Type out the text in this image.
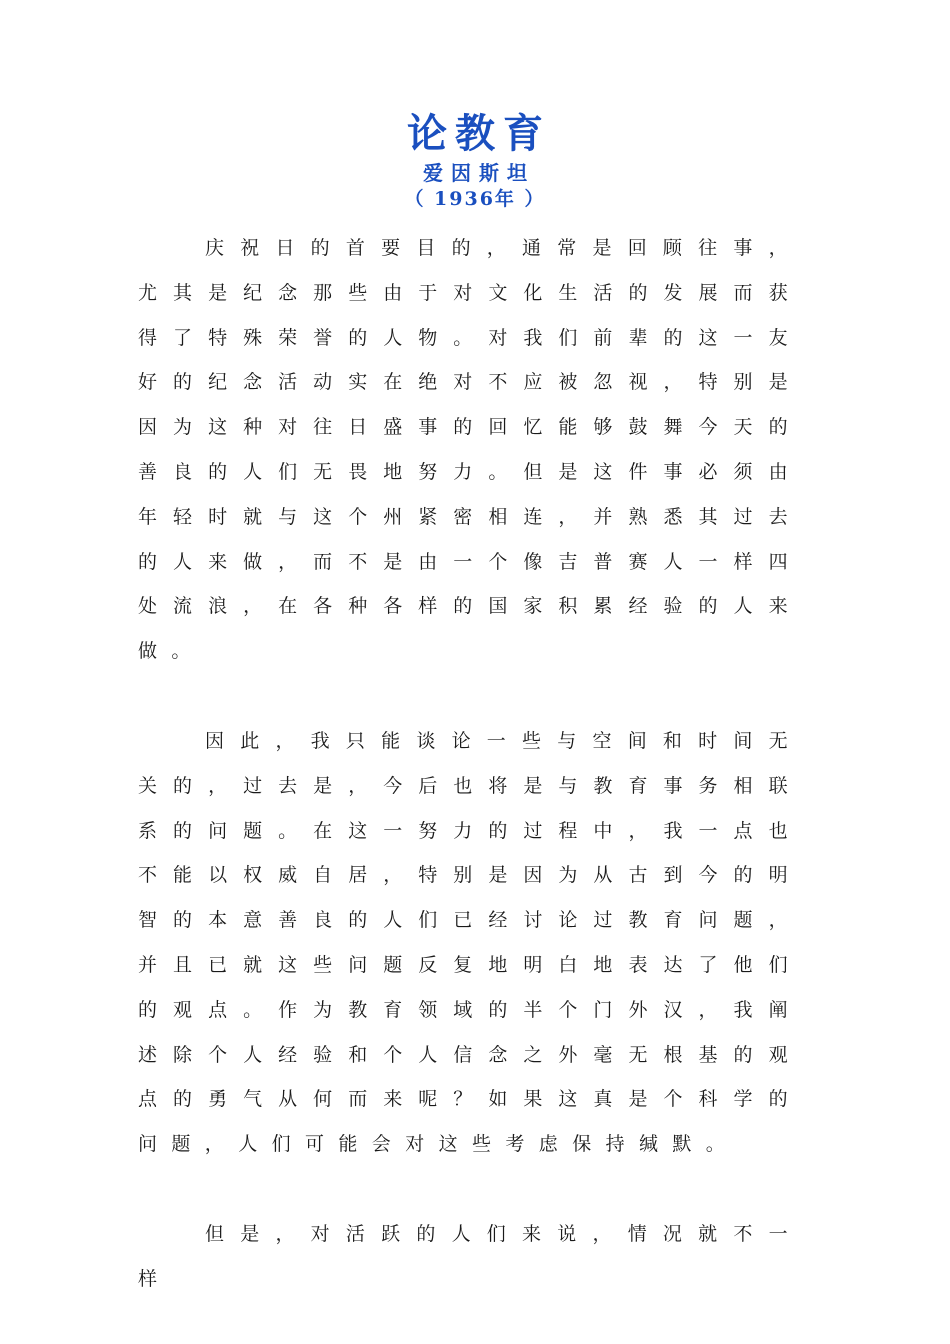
论教育
爱因斯坦
（ 1936年 ）

庆祝日的首要目的，通常是回顾往事，尤其是纪念那些由于对文化生活的发展而获得了特殊荣誉的人物。对我们前辈的这一友好的纪念活动实在绝对不应被忽视，特别是因为这种对往日盛事的回忆能够鼓舞今天的善良的人们无畏地努力。但是这件事必须由年轻时就与这个州紧密相连，并熟悉其过去的人来做，而不是由一个像吉普赛人一样四处流浪，在各种各样的国家积累经验的人来做。

因此，我只能谈论一些与空间和时间无关的，过去是，今后也将是与教育事务相联系的问题。在这一努力的过程中，我一点也不能以权威自居，特别是因为从古到今的明智的本意善良的人们已经讨论过教育问题，并且已就这些问题反复地明白地表达了他们的观点。作为教育领域的半个门外汉，我阐述除个人经验和个人信念之外毫无根基的观点的勇气从何而来呢？如果这真是个科学的问题，人们可能会对这些考虑保持缄默。

但是，对活跃的人们来说，情况就不一样
